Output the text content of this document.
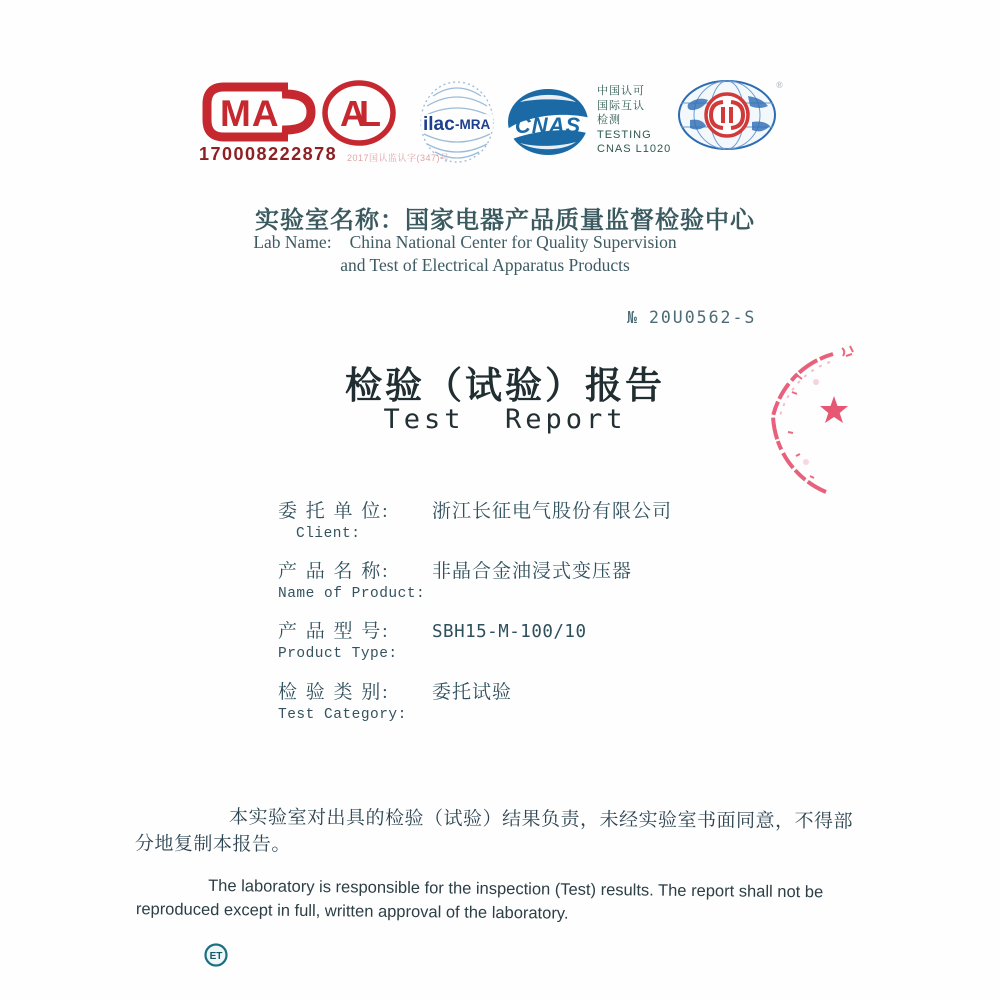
MA
170008222878 2017国认监认字(347)号
AL	ilac -MRA CNAS
中国认可
国际互认
检测
TESTING
CNAS L1020
®
实验室名称：国家电器产品质量监督检验中心
Lab Name: China National Center for Quality Supervision
and Test of Electrical Apparatus Products
№ 20U0562-S
检验（试验）报告
Test  Report
委 托 单 位:	浙江长征电气股份有限公司
Client:
产 品 名 称:	非晶合金油浸式变压器
Name of Product:
产 品 型 号:	SBH15-M-100/10
Product Type:
检 验 类 别:	委托试验
Test Category:
本实验室对出具的检验（试验）结果负责，未经实验室书面同意，不得部分地复制本报告。
The laboratory is responsible for the inspection (Test) results. The report shall not be reproduced except in full, written approval of the laboratory.
ET
